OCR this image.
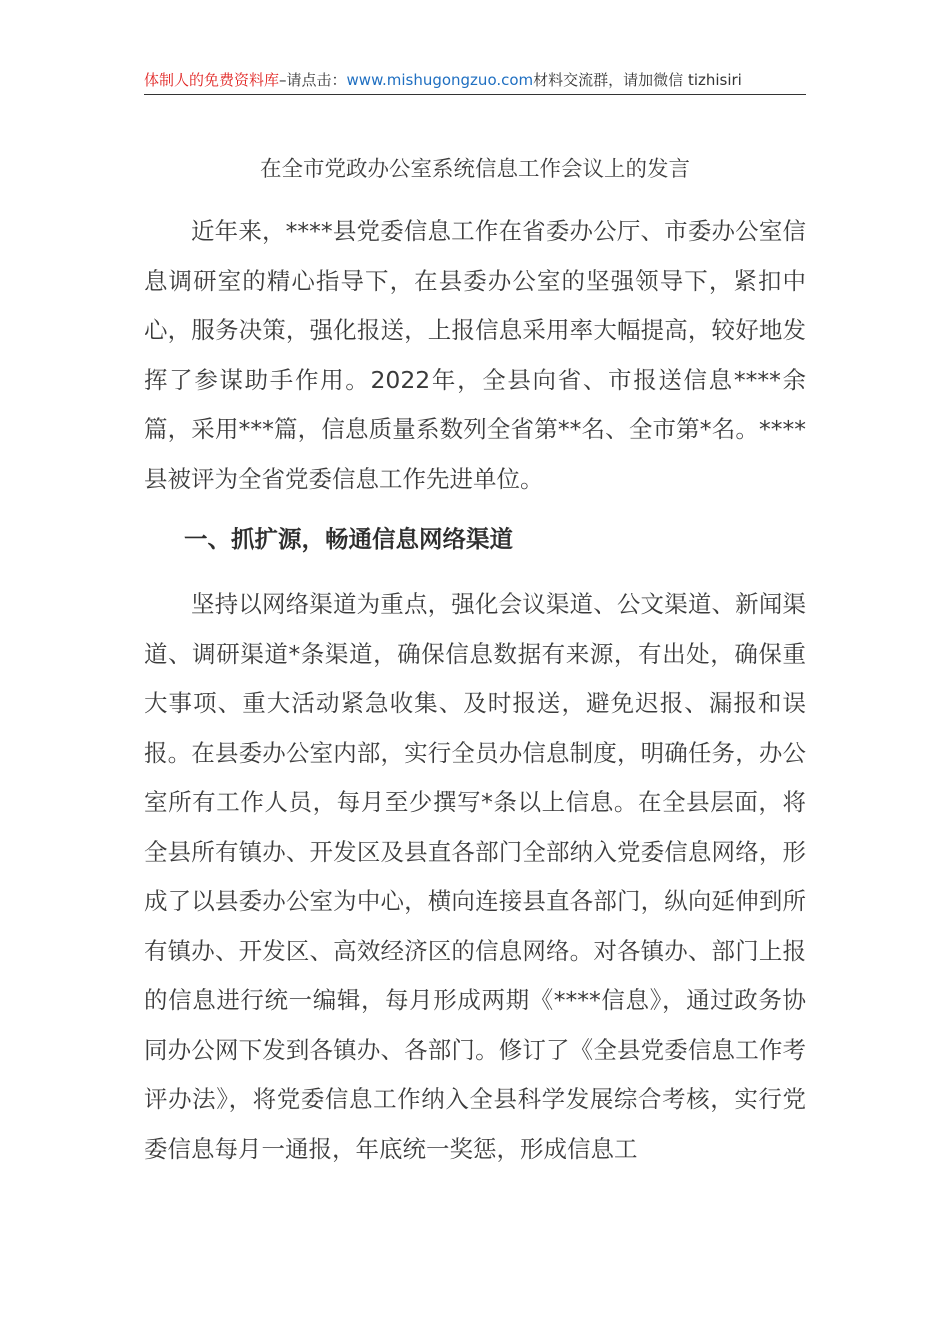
体制人的免费资料库–请点击：www.mishugongzuo.com材料交流群，请加微信 tizhisiri
在全市党政办公室系统信息工作会议上的发言

近年来，****县党委信息工作在省委办公厅、市委办公室信息调研室的精心指导下，在县委办公室的坚强领导下，紧扣中心，服务决策，强化报送，上报信息采用率大幅提高，较好地发挥了参谋助手作用。2022年，全县向省、市报送信息****余篇，采用***篇，信息质量系数列全省第**名、全市第*名。****县被评为全省党委信息工作先进单位。

一、抓扩源，畅通信息网络渠道

坚持以网络渠道为重点，强化会议渠道、公文渠道、新闻渠道、调研渠道*条渠道，确保信息数据有来源，有出处，确保重大事项、重大活动紧急收集、及时报送，避免迟报、漏报和误报。在县委办公室内部，实行全员办信息制度，明确任务，办公室所有工作人员，每月至少撰写*条以上信息。在全县层面，将全县所有镇办、开发区及县直各部门全部纳入党委信息网络，形成了以县委办公室为中心，横向连接县直各部门，纵向延伸到所有镇办、开发区、高效经济区的信息网络。对各镇办、部门上报的信息进行统一编辑，每月形成两期《****信息》，通过政务协同办公网下发到各镇办、各部门。修订了《全县党委信息工作考评办法》，将党委信息工作纳入全县科学发展综合考核，实行党委信息每月一通报，年底统一奖惩，形成信息工
